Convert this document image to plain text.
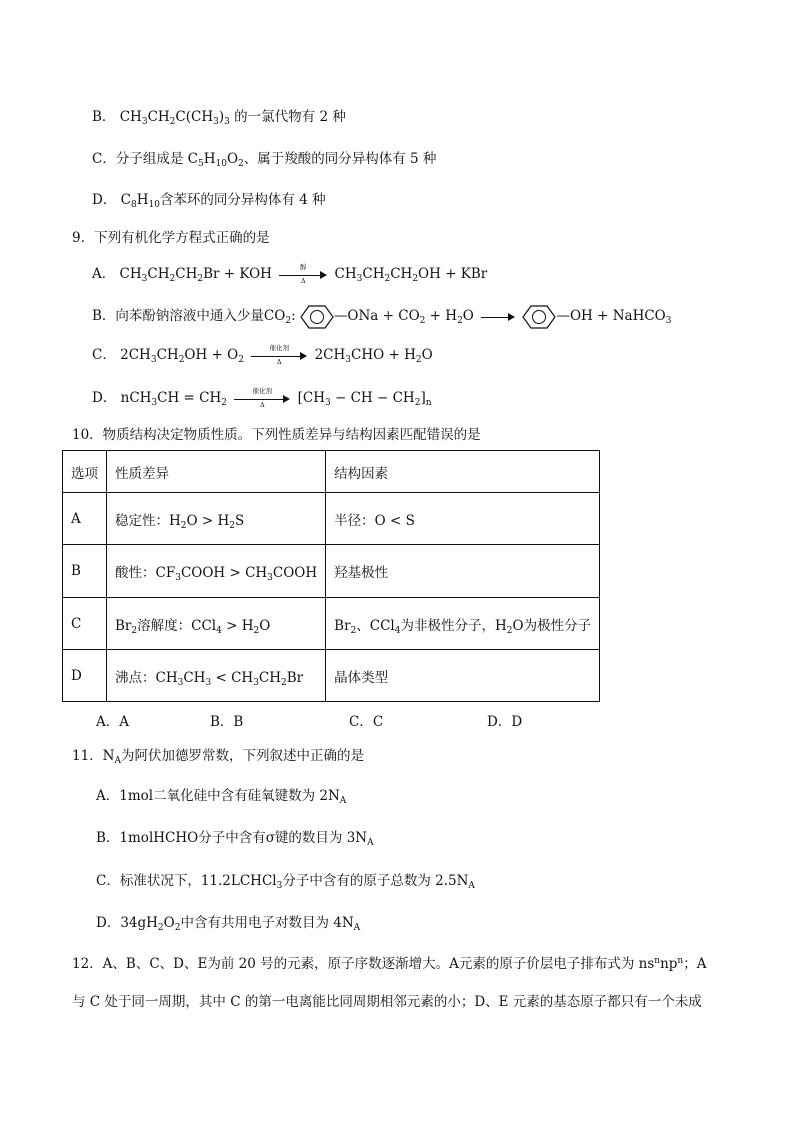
B． $CH_3CH_2C(CH_3)_3$ 的一氯代物有 2 种
C．分子组成是 $C_5H_{10}O_2$、属于羧酸的同分异构体有 5 种
D． $C_8H_{10}$含苯环的同分异构体有 4 种
9．下列有机化学方程式正确的是
A． $CH_3CH_2CH_2Br$ + KOH	醇
Δ	$CH_3CH_2CH_2OH$ + KBr
B．向苯酚钠溶液中通入少量$CO_2$:	—ONa + $CO_2 + H_2O$	—OH + NaHCO$_3$
C． $2CH_3CH_2OH + O_2$
催化剂
Δ	$2CH_3CHO + H_2O$
D． $nCH_3CH = CH_2$
催化剂
Δ	[$CH_3$ − CH − $CH_2]_n$
10．物质结构决定物质性质。下列性质差异与结构因素匹配错误的是
选项	性质差异	结构因素
A	稳定性：$H_2O > H_2S$	半径：O < S
B	酸性：$CF_3COOH$ > $CH_3COOH$	羟基极性
C	$Br_2$溶解度：$CCl_4 > H_2O$	$Br_2$、CCl$_4$为非极性分子，$H_2O$为极性分子
D	沸点：$CH_3CH_3 < CH_3CH_2Br$	晶体类型
A．A	B．B	C．C	D．D
11．$N_A$为阿伏加德罗常数，下列叙述中正确的是
A．1mol二氧化硅中含有硅氧键数为 $2N_A$
B．1molHCHO分子中含有σ键的数目为 $3N_A$
C．标准状况下，11.2LCHCl$_3$分子中含有的原子总数为 $2.5N_A$
D．$34gH_2O_2$中含有共用电子对数目为 $4N_A$
12．A、B、C、D、E为前 20 号的元素，原子序数逐渐增大。A元素的原子价层电子排布式为 $ns^nnp^n$；A
与 C 处于同一周期，其中 C 的第一电离能比同周期相邻元素的小；D、E 元素的基态原子都只有一个未成
